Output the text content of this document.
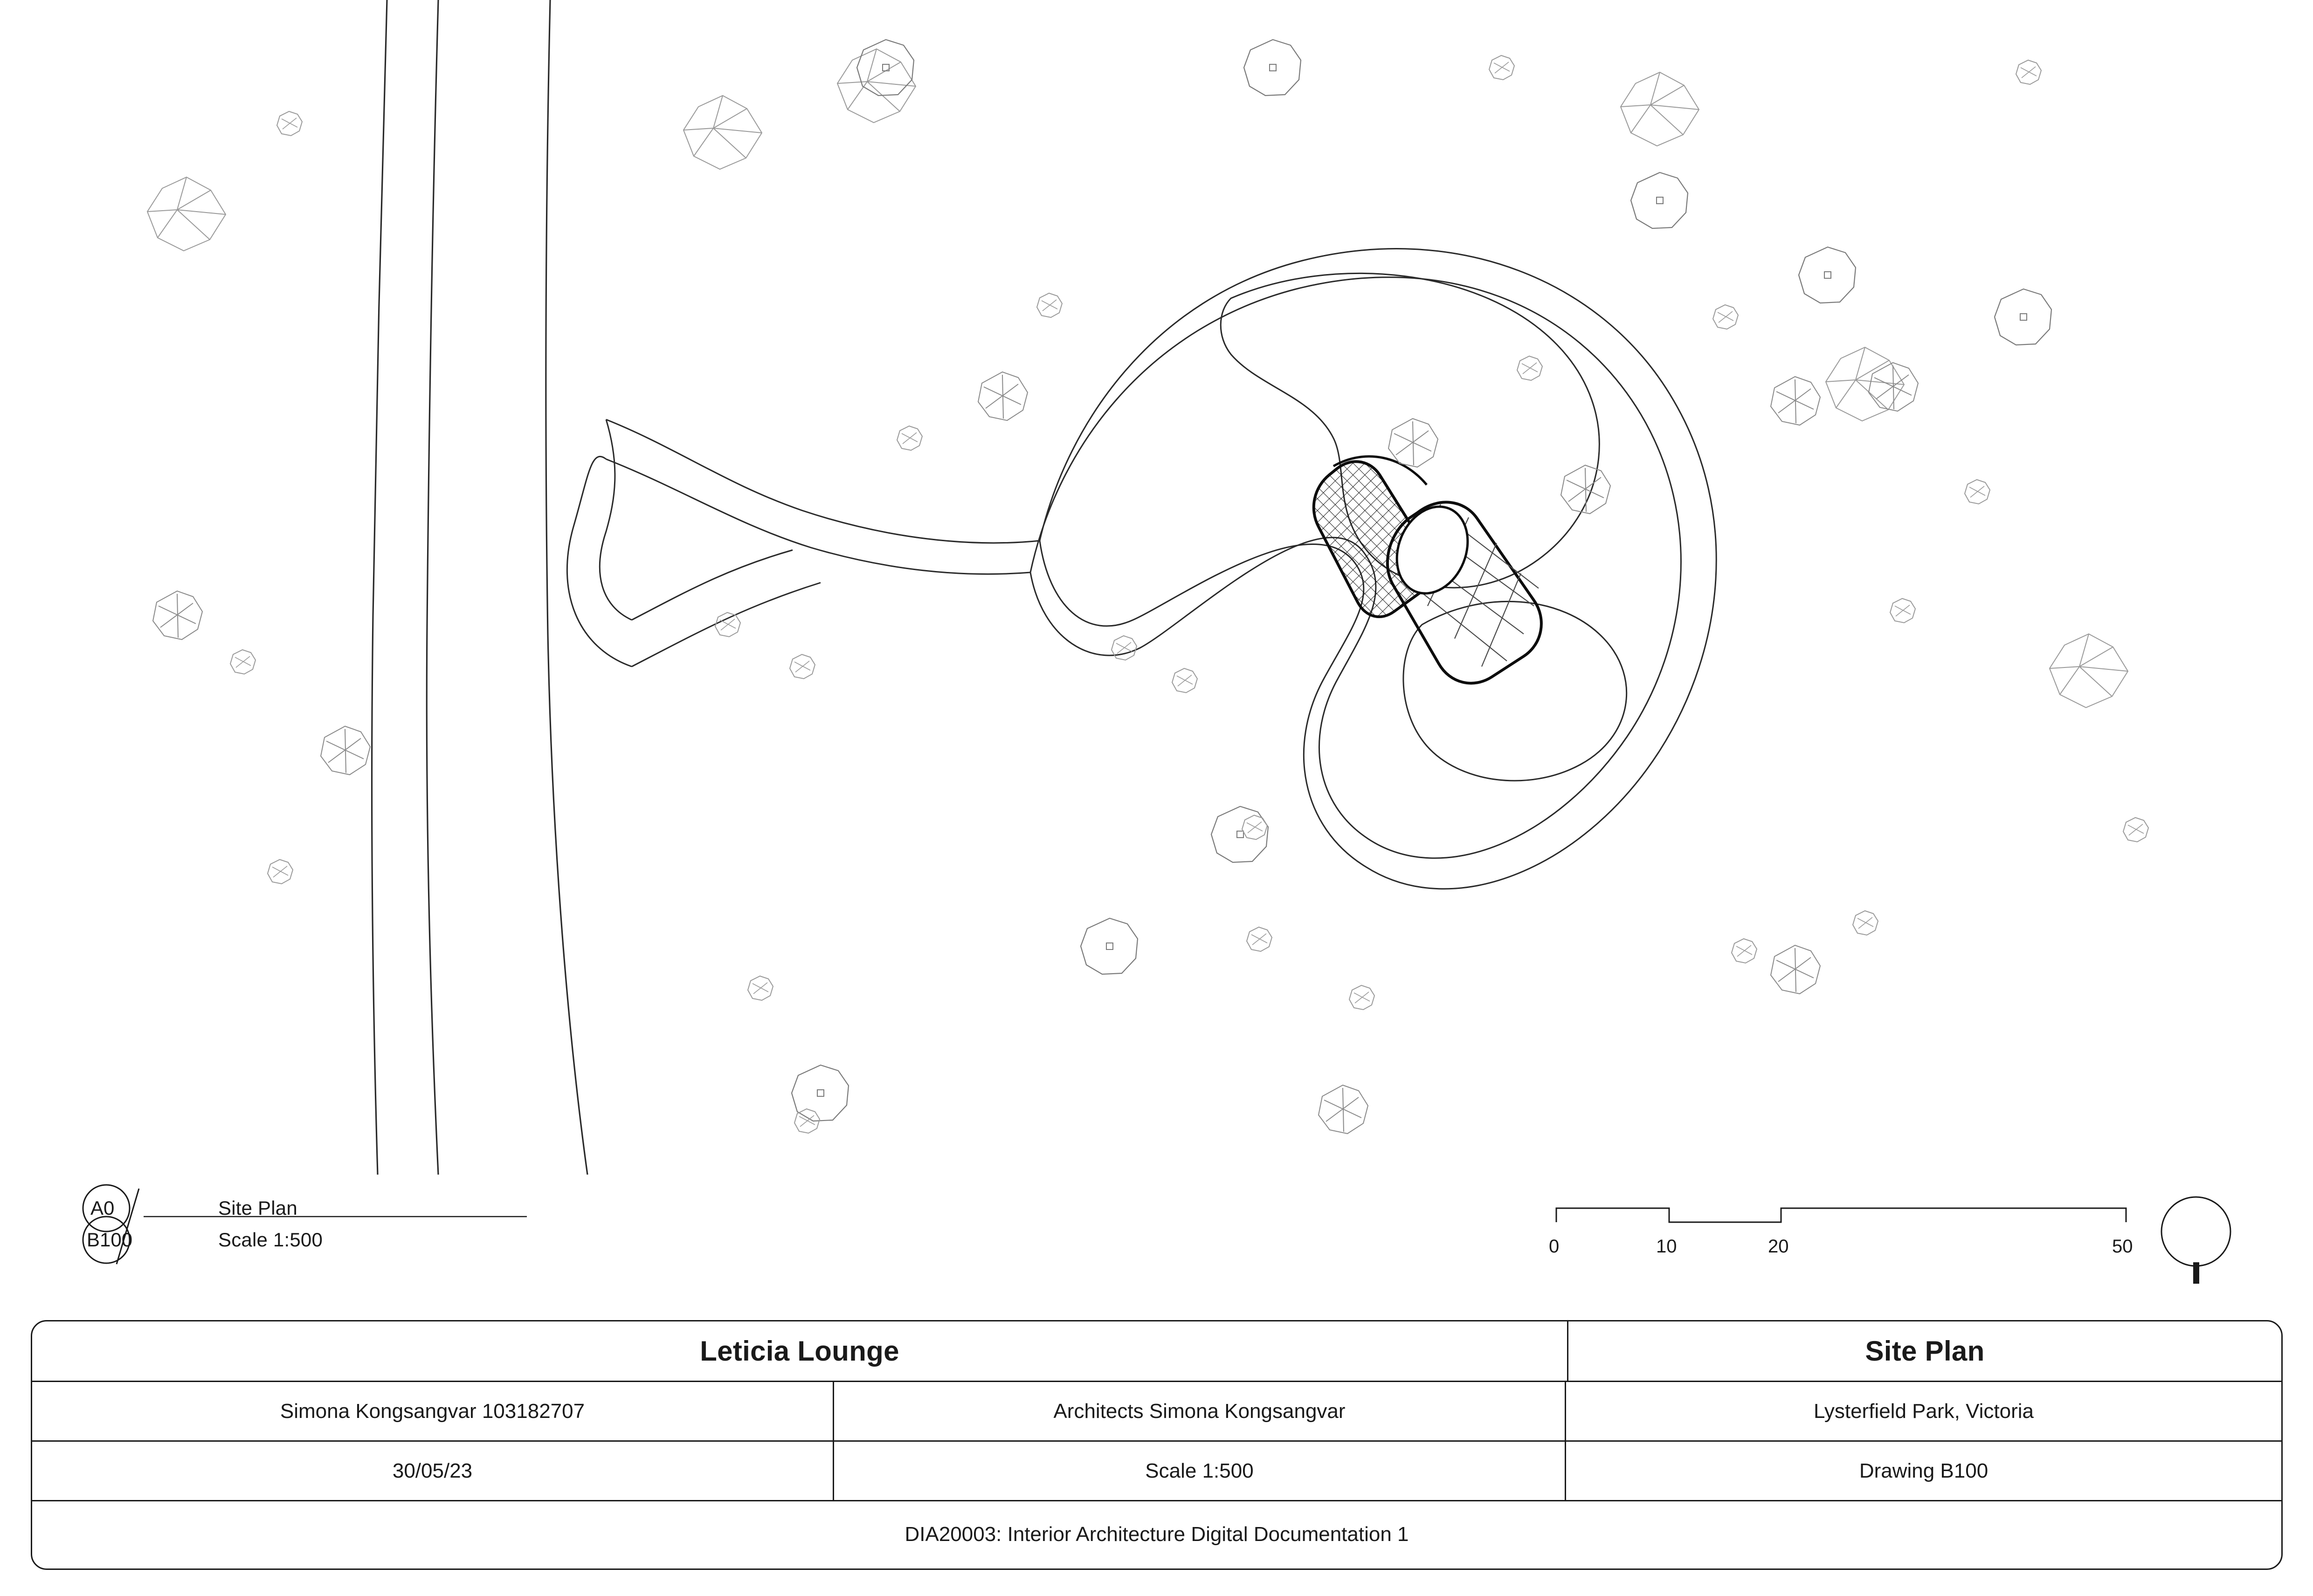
A0
B100
Site Plan
Scale 1:500	0	10	20	50
Leticia Lounge	Site Plan
Simona Kongsangvar 103182707	Architects Simona Kongsangvar	Lysterfield Park, Victoria
30/05/23	Scale 1:500	Drawing B100
DIA20003: Interior Architecture Digital Documentation 1
